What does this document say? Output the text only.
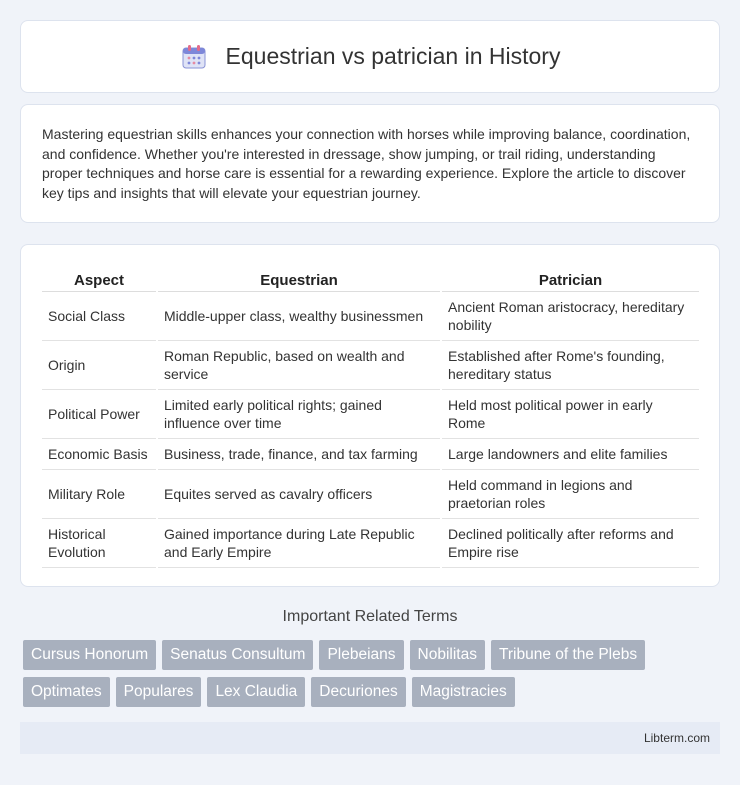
Equestrian vs patrician in History

Mastering equestrian skills enhances your connection with horses while improving balance, coordination, and confidence. Whether you're interested in dressage, show jumping, or trail riding, understanding proper techniques and horse care is essential for a rewarding experience. Explore the article to discover key tips and insights that will elevate your equestrian journey.

Aspect	Equestrian	Patrician
Social Class	Middle-upper class, wealthy businessmen	Ancient Roman aristocracy, hereditary nobility
Origin	Roman Republic, based on wealth and service	Established after Rome's founding, hereditary status
Political Power	Limited early political rights; gained influence over time	Held most political power in early Rome
Economic Basis	Business, trade, finance, and tax farming	Large landowners and elite families
Military Role	Equites served as cavalry officers	Held command in legions and praetorian roles
Historical Evolution	Gained importance during Late Republic and Early Empire	Declined politically after reforms and Empire rise
Important Related Terms
Cursus Honorum	Senatus Consultum	Plebeians	Nobilitas	Tribune of the Plebs
Optimates	Populares	Lex Claudia	Decuriones	Magistracies
Libterm.com
